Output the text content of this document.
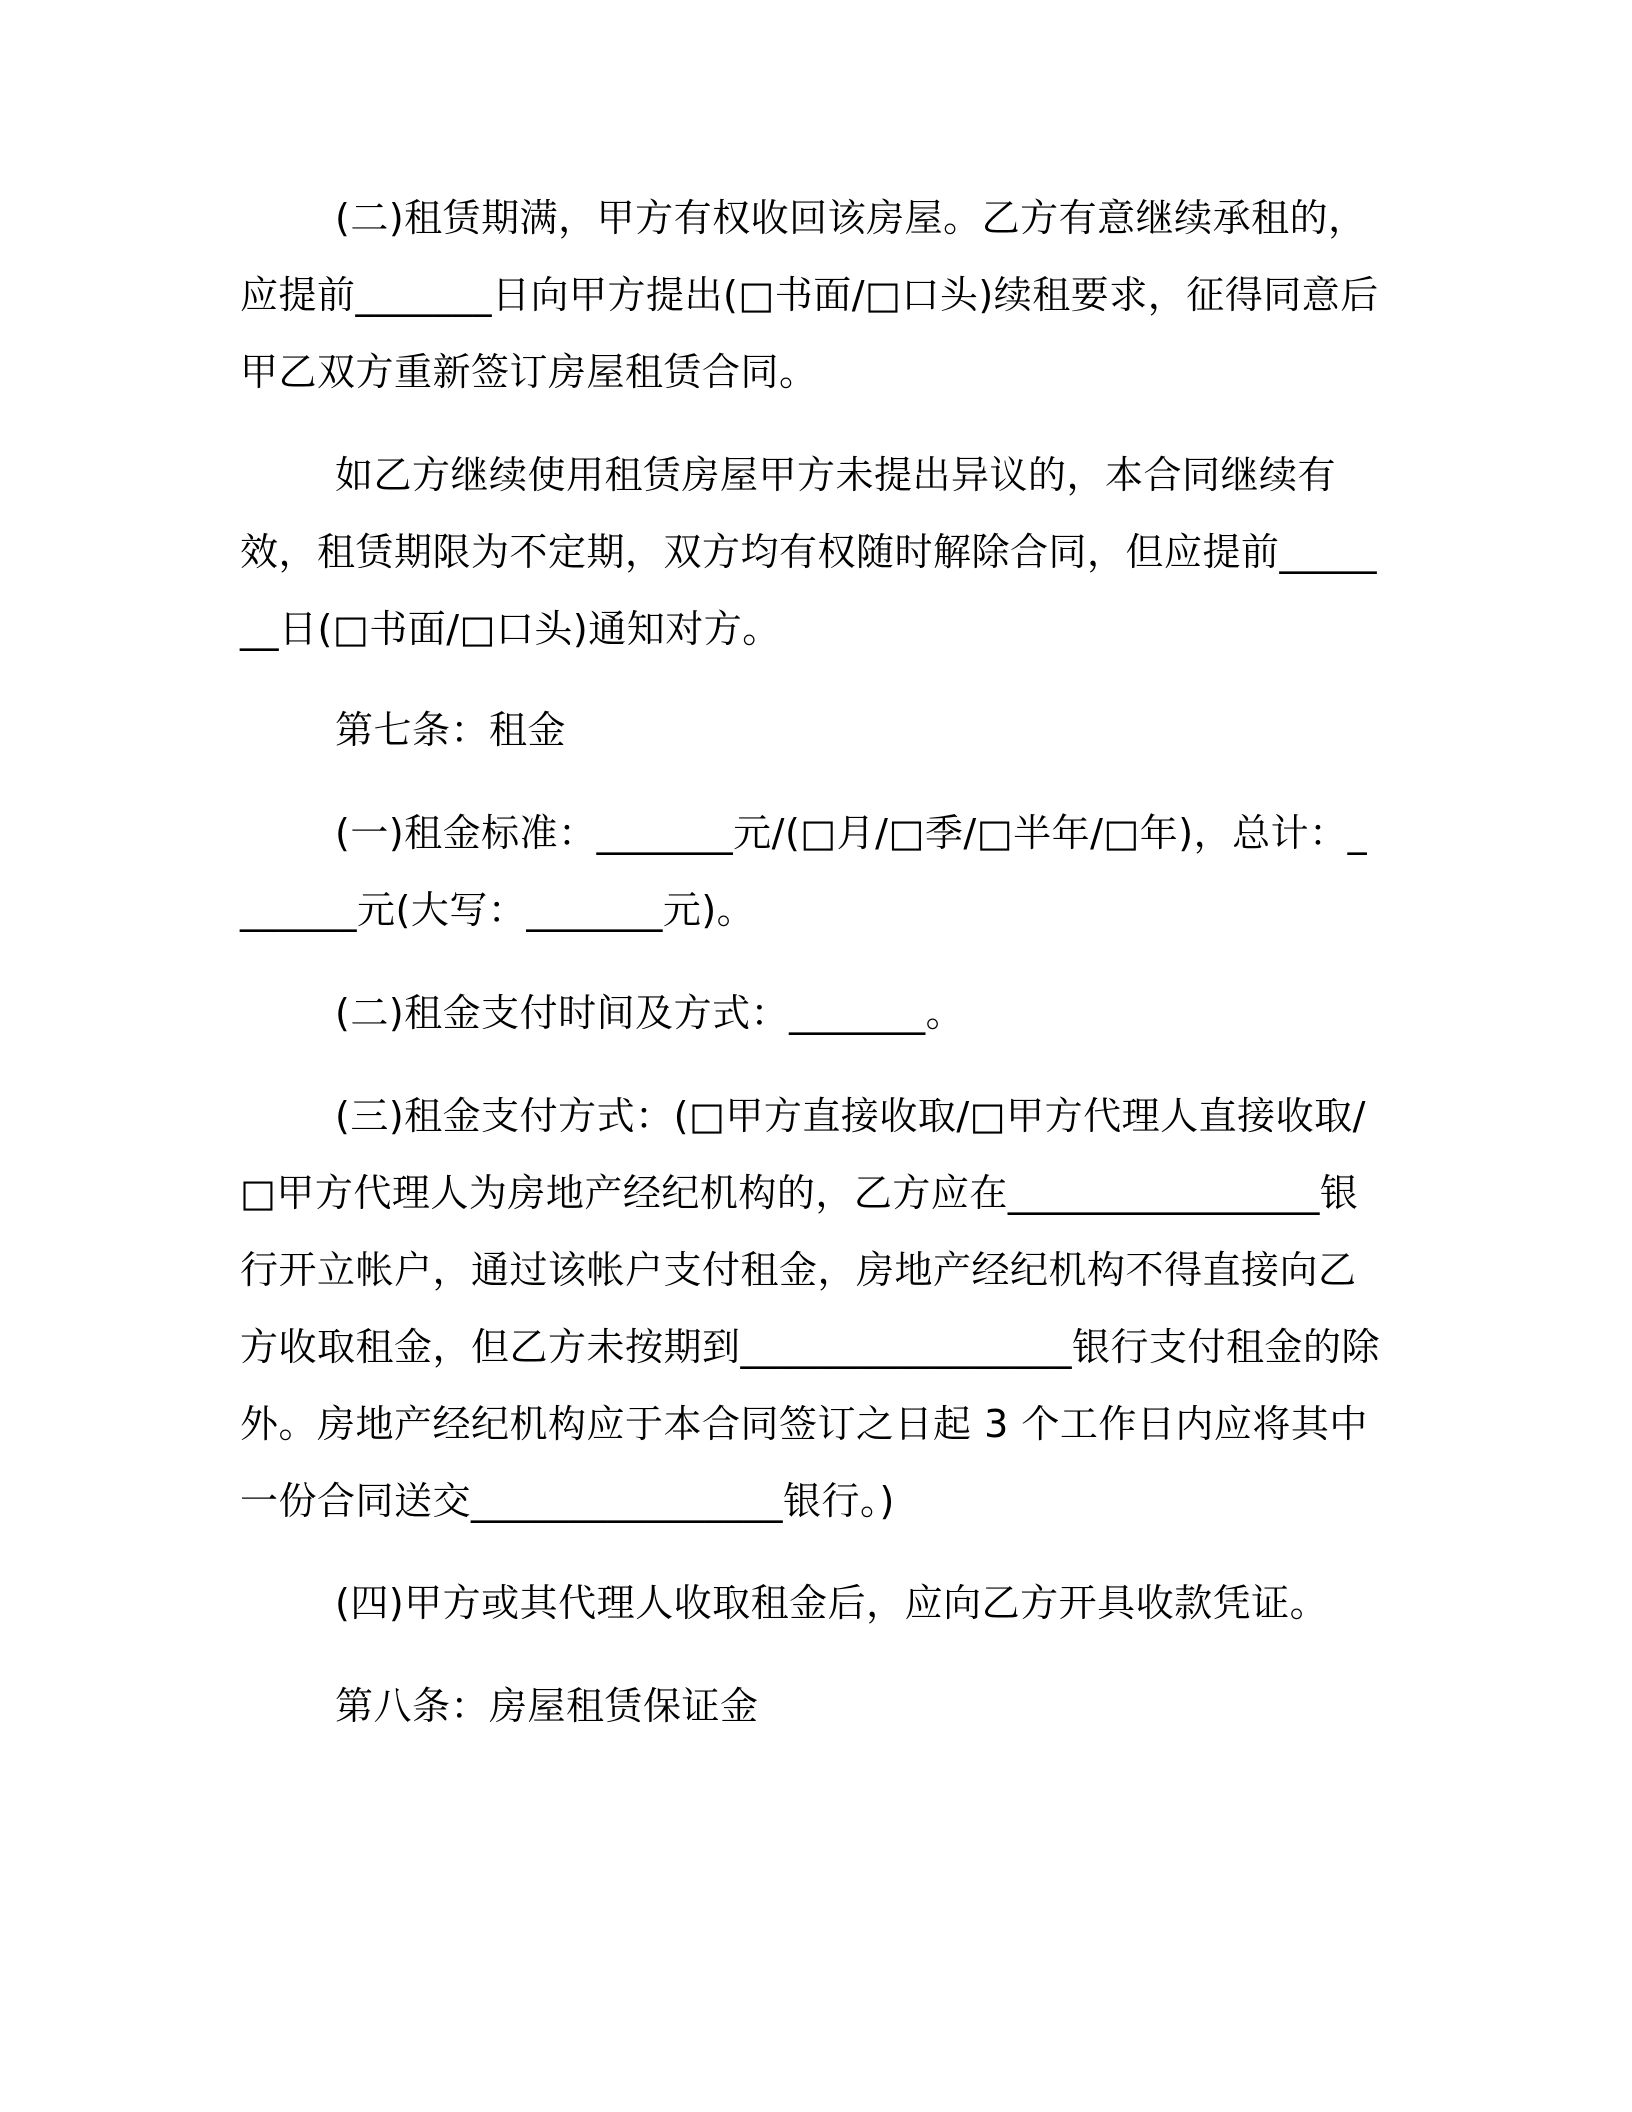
(二)租赁期满，甲方有权收回该房屋。乙方有意继续承租的，应提前_______日向甲方提出(□书面/□口头)续租要求，征得同意后甲乙双方重新签订房屋租赁合同。

如乙方继续使用租赁房屋甲方未提出异议的，本合同继续有效，租赁期限为不定期，双方均有权随时解除合同，但应提前_______日(□书面/□口头)通知对方。

第七条：租金

(一)租金标准：_______元/(□月/□季/□半年/□年)，总计：_______元(大写：_______元)。

(二)租金支付时间及方式：_______。

(三)租金支付方式：(□甲方直接收取/□甲方代理人直接收取/□甲方代理人为房地产经纪机构的，乙方应在________________银行开立帐户，通过该帐户支付租金，房地产经纪机构不得直接向乙方收取租金，但乙方未按期到_________________银行支付租金的除外。房地产经纪机构应于本合同签订之日起 3 个工作日内应将其中一份合同送交________________银行。)

(四)甲方或其代理人收取租金后，应向乙方开具收款凭证。

第八条：房屋租赁保证金
